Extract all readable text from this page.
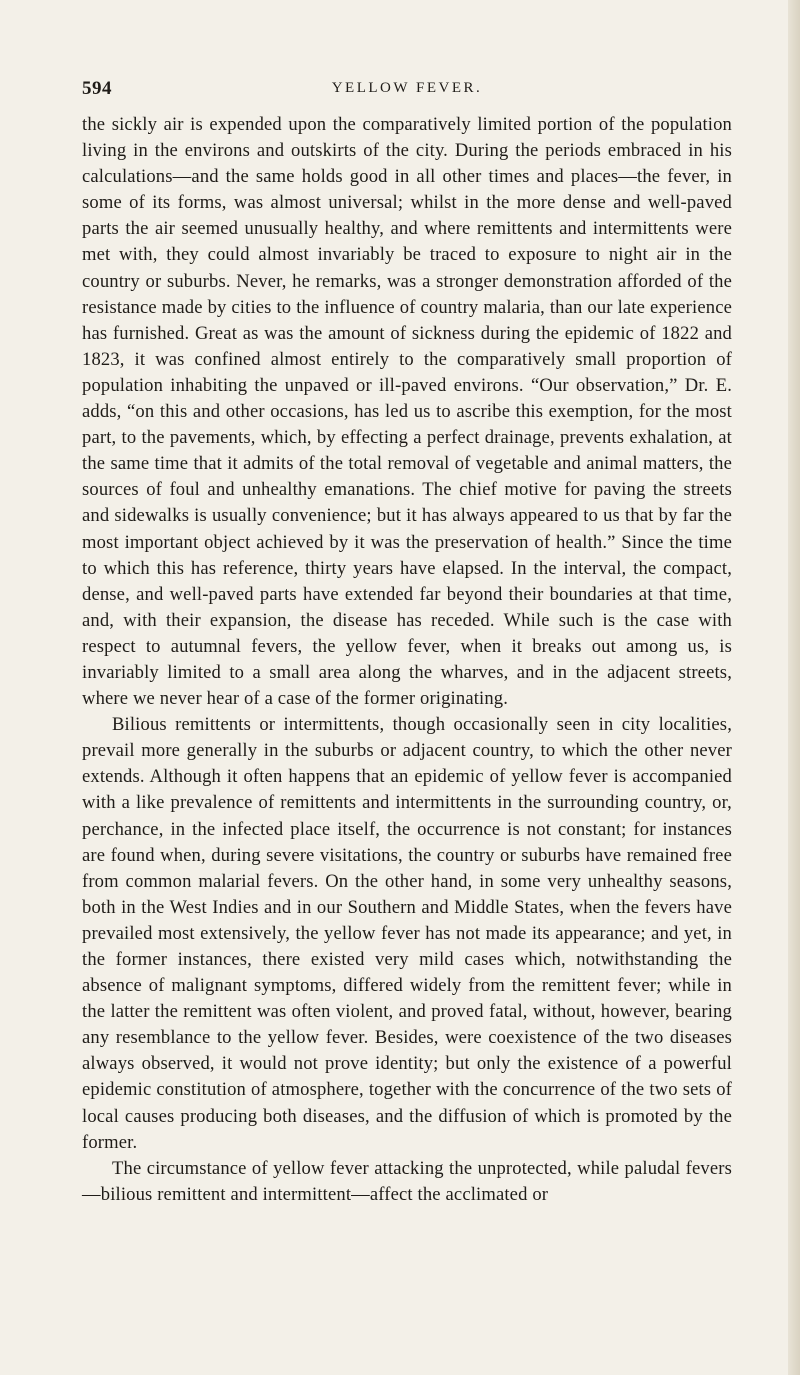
594	YELLOW FEVER.

the sickly air is expended upon the comparatively limited portion of the population living in the environs and outskirts of the city. During the periods embraced in his calculations—and the same holds good in all other times and places—the fever, in some of its forms, was almost universal; whilst in the more dense and well-paved parts the air seemed unusually healthy, and where remittents and intermittents were met with, they could almost invariably be traced to exposure to night air in the country or suburbs. Never, he remarks, was a stronger demonstration afforded of the resistance made by cities to the influence of country malaria, than our late experience has furnished. Great as was the amount of sickness during the epidemic of 1822 and 1823, it was confined almost entirely to the comparatively small proportion of population inhabiting the unpaved or ill-paved environs. “Our observation,” Dr. E. adds, “on this and other occasions, has led us to ascribe this exemption, for the most part, to the pavements, which, by effecting a perfect drainage, prevents exhalation, at the same time that it admits of the total removal of vegetable and animal matters, the sources of foul and unhealthy emanations. The chief motive for paving the streets and sidewalks is usually convenience; but it has always appeared to us that by far the most important object achieved by it was the preservation of health.” Since the time to which this has reference, thirty years have elapsed. In the interval, the compact, dense, and well-paved parts have extended far beyond their boundaries at that time, and, with their expansion, the disease has receded. While such is the case with respect to autumnal fevers, the yellow fever, when it breaks out among us, is invariably limited to a small area along the wharves, and in the adjacent streets, where we never hear of a case of the former originating.

Bilious remittents or intermittents, though occasionally seen in city localities, prevail more generally in the suburbs or adjacent country, to which the other never extends. Although it often happens that an epidemic of yellow fever is accompanied with a like prevalence of remittents and intermittents in the surrounding country, or, perchance, in the infected place itself, the occurrence is not constant; for instances are found when, during severe visitations, the country or suburbs have remained free from common malarial fevers. On the other hand, in some very unhealthy seasons, both in the West Indies and in our Southern and Middle States, when the fevers have prevailed most extensively, the yellow fever has not made its appearance; and yet, in the former instances, there existed very mild cases which, notwithstanding the absence of malignant symptoms, differed widely from the remittent fever; while in the latter the remittent was often violent, and proved fatal, without, however, bearing any resemblance to the yellow fever. Besides, were coexistence of the two diseases always observed, it would not prove identity; but only the existence of a powerful epidemic constitution of atmosphere, together with the concurrence of the two sets of local causes producing both diseases, and the diffusion of which is promoted by the former.

The circumstance of yellow fever attacking the unprotected, while paludal fevers—bilious remittent and intermittent—affect the acclimated or
